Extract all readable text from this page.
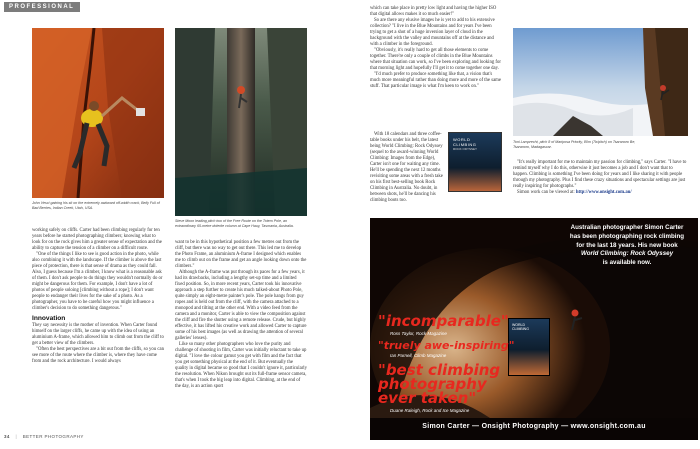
PROFESSIONAL
John Vesci gaining his sit on the extremely awkward off-width crack, Belly Full of Bad Berries, Indian Creek, Utah, USA.
Steve Moon leading pitch two of the Free Route on the Totem Pole, an extraordinary 65-metre dolerite column at Cape Hauy, Tasmania, Australia.

working safely on cliffs. Carter had been climbing regularly for ten years before he started photographing climbers; knowing what to look for on the rock gives him a greater sense of expectation and the ability to capture the tension of a climber on a difficult route.

"One of the things I like to see is good action in the photo, while also combining it with the landscape. If the climber is above the last piece of protection, there is that sense of drama as they could fall. Also, I guess because I'm a climber, I know what is a reasonable ask of them. I don't ask people to do things they wouldn't normally do or might be dangerous for them. For example, I don't have a lot of photos of people soloing [climbing without a rope]; I don't want people to endanger their lives for the sake of a photo. As a photographer, you have to be careful how you might influence a climber's decision to do something dangerous."

Innovation

They say necessity is the mother of invention. When Carter found himself on the larger cliffs, he came up with the idea of using an aluminium A-frame, which allowed him to climb out from the cliff to get a better view of the climbers.

"Often the best perspectives are a bit out from the cliffs, so you can see more of the route where the climber is, where they have come from and the rock architecture. I would always

want to be in this hypothetical position a few metres out from the cliff, but there was no way to get out there. This led me to develop the Photo Frame, an aluminium A-frame I designed which enables me to climb out on the frame and get an angle looking down onto the climbers."

Although the A-frame was put through its paces for a few years, it had its drawbacks, including a lengthy set-up time and a limited fixed position. So, in more recent years, Carter took his innovative approach a step further to create his much talked-about Photo Pole, quite simply an eight-metre painter's pole. The pole hangs from guy ropes and is held out from the cliff, with the camera attached to a monopod and tilting at the other end. With a video feed from the camera and a monitor, Carter is able to view the composition against the cliff and fire the shutter using a remote release. Crude, but highly effective, it has lifted his creative work and allowed Carter to capture some of his best images (as well as drawing the attention of several galleries' lenses).

Like so many other photographers who love the purity and challenge of shooting in film, Carter was initially reluctant to take up digital. "I love the colour gamut you get with film and the fact that you get something physical at the end of it. But eventually the quality in digital became so good that I couldn't ignore it, particularly the resolution. When Nikon brought out its full-frame sensor camera, that's when I took the big leap into digital. Climbing, at the end of the day, is an action sport

34 | BETTER PHOTOGRAPHY

which can take place in pretty low light and having the higher ISO that digital allows makes it so much easier!"

So are there any elusive images he is yet to add to his extensive collection? "I live in the Blue Mountains and for years I've been trying to get a shot of a huge inversion layer of cloud in the background with the valley and mountains off at the distance and with a climber in the foreground.

"Obviously, it's really hard to get all those elements to come together. There're only a couple of climbs in the Blue Mountains where that situation can work, so I've been exploring and looking for that morning light and hopefully I'll get it to come together one day.

"I'd much prefer to produce something like that, a vision that's much more meaningful rather than doing more and more of the same stuff. That particular image is what I'm keen to work on."

With 18 calendars and three coffee-table books under his belt, the latest being World Climbing: Rock Odyssey (sequel to the award-winning World Climbing: Images from the Edge), Carter isn't one for waiting any time. He'll be spending the next 12 months revisiting some areas with a fresh take on his first best-selling book Rock Climbing in Australia. No doubt, in between shots, he'll be dancing his climbing boots too.

WORLD
CLIMBING
ROCK ODYSSEY
Toni Lamprecht, pitch 8 of Mariposa Priority, 80m (7b/pitch) on Tsaranoro Be, Tsaranoro, Madagascar.

"It's really important for me to maintain my passion for climbing," says Carter. "I have to remind myself why I do this, otherwise it just becomes a job and I don't want that to happen. Climbing is something I've been doing for years and I like sharing it with people through my photography. Plus I find these crazy situations and spectacular settings are just really inspiring for photographs."

Simon work can be viewed at: http://www.onsight.com.au/

Australian photographer Simon Carter
has been photographing rock climbing
for the last 18 years. His new book
World Climbing: Rock Odyssey
is available now.
WORLD
CLIMBING
"incomparable"
Ross Taylor, Rock Magazine
"truely awe-inspiring"
Ian Parnell, Climb Magazine
"best climbing
photography
ever taken"
Duane Raleigh, Rock and Ice Magazine
Simon Carter — Onsight Photography — www.onsight.com.au
